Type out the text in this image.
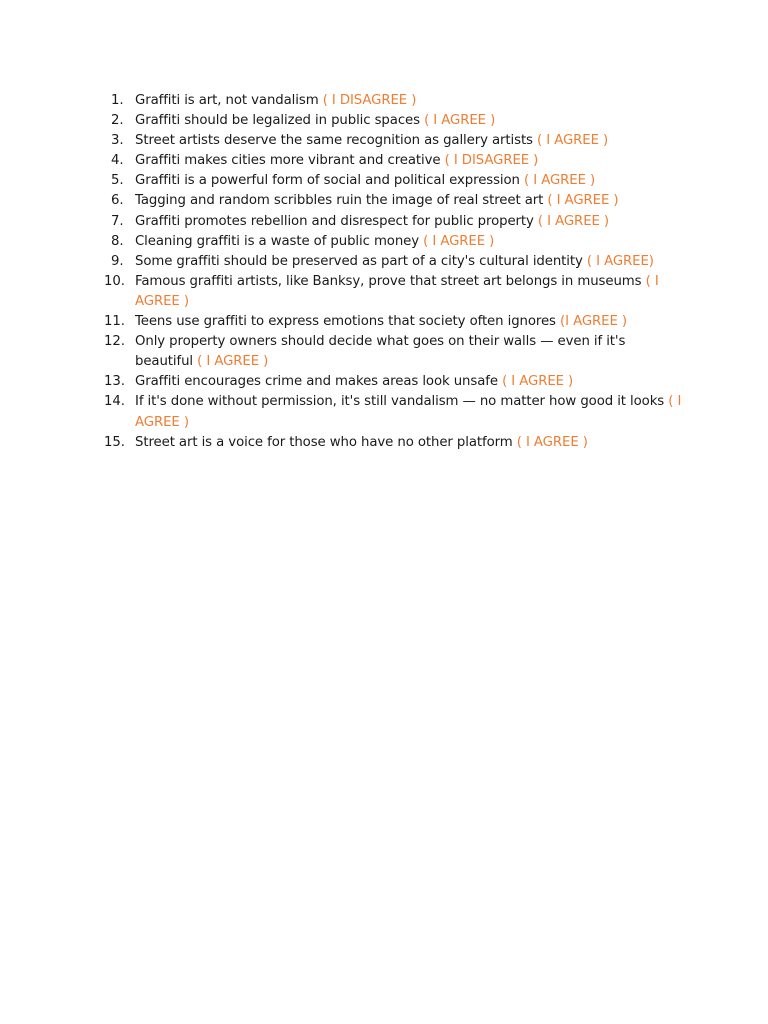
1. Graffiti is art, not vandalism ( I DISAGREE )
2. Graffiti should be legalized in public spaces ( I AGREE )
3. Street artists deserve the same recognition as gallery artists ( I AGREE )
4. Graffiti makes cities more vibrant and creative ( I DISAGREE )
5. Graffiti is a powerful form of social and political expression ( I AGREE )
6. Tagging and random scribbles ruin the image of real street art ( I AGREE )
7. Graffiti promotes rebellion and disrespect for public property ( I AGREE )
8. Cleaning graffiti is a waste of public money ( I AGREE )
9. Some graffiti should be preserved as part of a city's cultural identity ( I AGREE)
10. Famous graffiti artists, like Banksy, prove that street art belongs in museums ( I AGREE )
11. Teens use graffiti to express emotions that society often ignores (I AGREE )
12. Only property owners should decide what goes on their walls — even if it's beautiful ( I AGREE )
13. Graffiti encourages crime and makes areas look unsafe ( I AGREE )
14. If it's done without permission, it's still vandalism — no matter how good it looks ( I AGREE )
15. Street art is a voice for those who have no other platform ( I AGREE )
